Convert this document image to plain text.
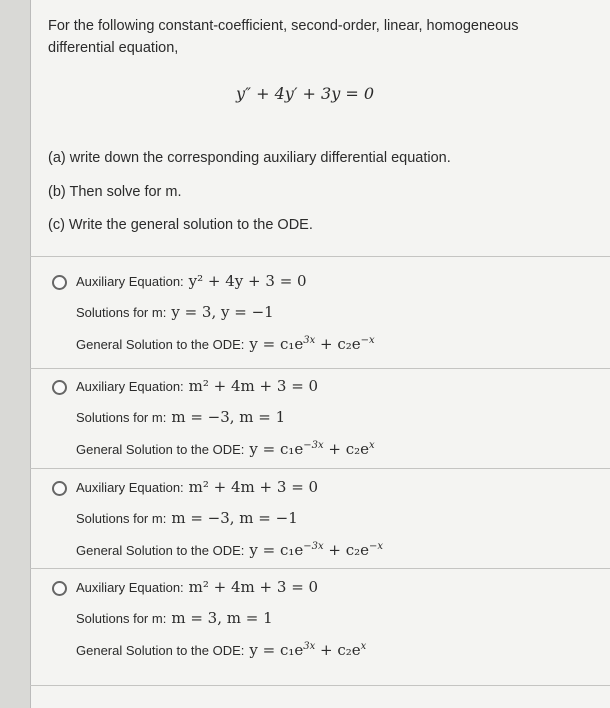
For the following constant-coefficient, second-order, linear, homogeneous
differential equation,
y″ + 4y′ + 3y = 0
(a) write down the corresponding auxiliary differential equation.
(b) Then solve for m.
(c) Write the general solution to the ODE.
Auxiliary Equation: y² + 4y + 3 = 0
Solutions for m: y = 3, y = −1
General Solution to the ODE: $y = c_1e^{3x} + c_2e^{-x}$
Auxiliary Equation: m² + 4m + 3 = 0
Solutions for m: m = −3, m = 1
General Solution to the ODE: $y = c_1e^{-3x} + c_2e^x$
Auxiliary Equation: m² + 4m + 3 = 0
Solutions for m: m = −3, m = −1
General Solution to the ODE: $y = c_1e^{-3x} + c_2e^{-x}$
Auxiliary Equation: m² + 4m + 3 = 0
Solutions for m: m = 3, m = 1
General Solution to the ODE: $y = c_1e^{3x} + c_2e^x$
